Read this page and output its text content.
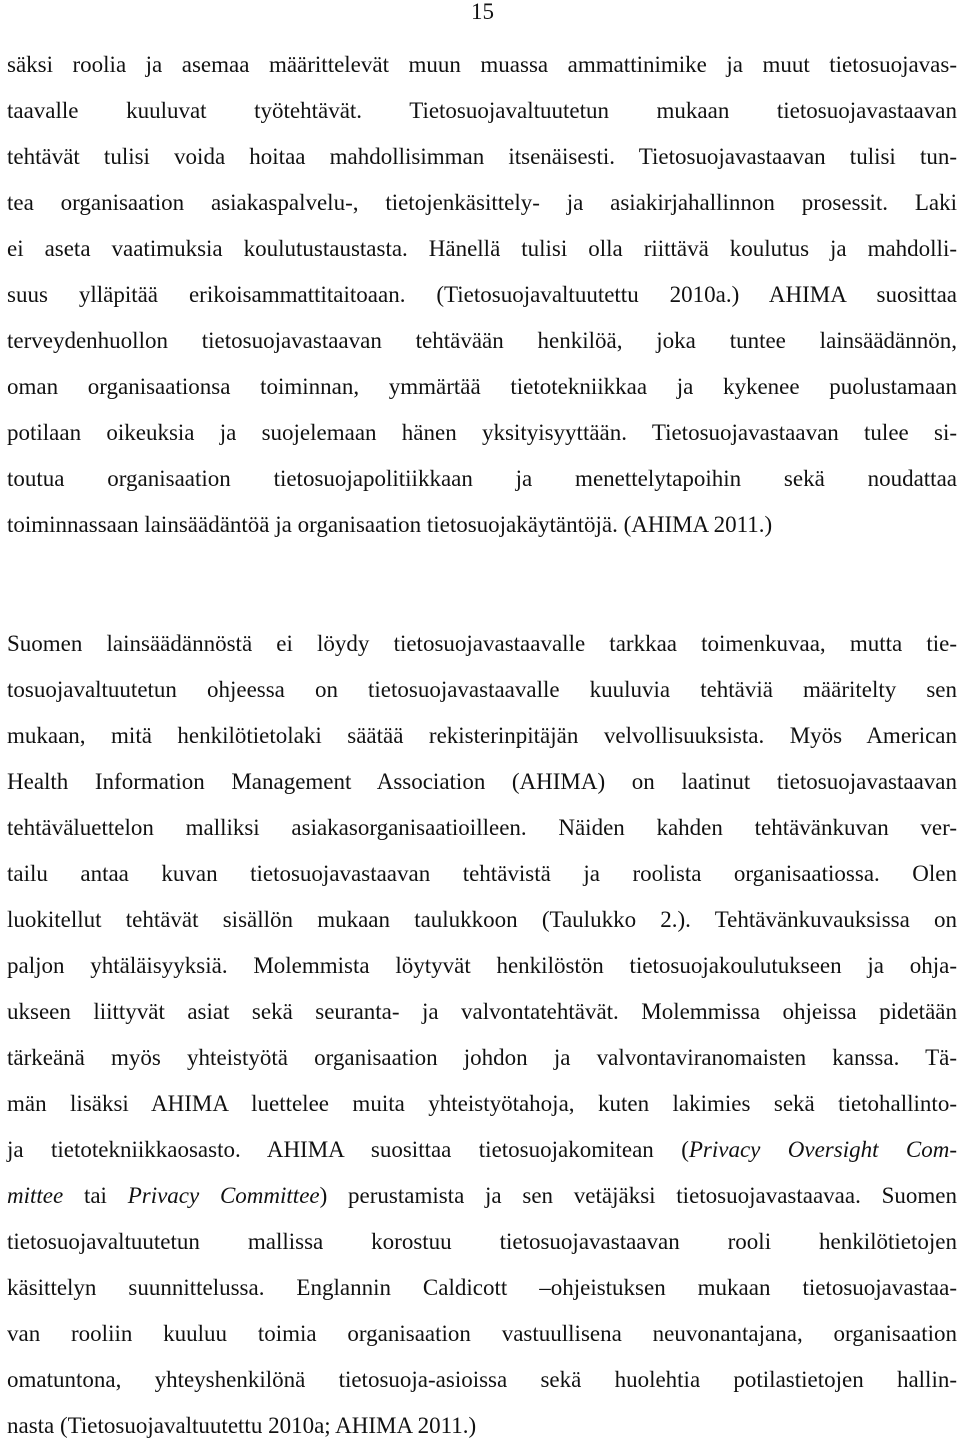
15
säksi roolia ja asemaa määrittelevät muun muassa ammattinimike ja muut tietosuojavas-
taavalle kuuluvat työtehtävät. Tietosuojavaltuutetun mukaan tietosuojavastaavan
tehtävät tulisi voida hoitaa mahdollisimman itsenäisesti. Tietosuojavastaavan tulisi tun-
tea organisaation asiakaspalvelu-, tietojenkäsittely- ja asiakirjahallinnon prosessit. Laki
ei aseta vaatimuksia koulutustaustasta. Hänellä tulisi olla riittävä koulutus ja mahdolli-
suus ylläpitää erikoisammattitaitoaan. (Tietosuojavaltuutettu 2010a.) AHIMA suosittaa
terveydenhuollon tietosuojavastaavan tehtävään henkilöä, joka tuntee lainsäädännön,
oman organisaationsa toiminnan, ymmärtää tietotekniikkaa ja kykenee puolustamaan
potilaan oikeuksia ja suojelemaan hänen yksityisyyttään. Tietosuojavastaavan tulee si-
toutua organisaation tietosuojapolitiikkaan ja menettelytapoihin sekä noudattaa
toiminnassaan lainsäädäntöä ja organisaation tietosuojakäytäntöjä. (AHIMA 2011.)
Suomen lainsäädännöstä ei löydy tietosuojavastaavalle tarkkaa toimenkuvaa, mutta tie-
tosuojavaltuutetun ohjeessa on tietosuojavastaavalle kuuluvia tehtäviä määritelty sen
mukaan, mitä henkilötietolaki säätää rekisterinpitäjän velvollisuuksista. Myös American
Health Information Management Association (AHIMA) on laatinut tietosuojavastaavan
tehtäväluettelon malliksi asiakasorganisaatioilleen. Näiden kahden tehtävänkuvan ver-
tailu antaa kuvan tietosuojavastaavan tehtävistä ja roolista organisaatiossa. Olen
luokitellut tehtävät sisällön mukaan taulukkoon (Taulukko 2.). Tehtävänkuvauksissa on
paljon yhtäläisyyksiä. Molemmista löytyvät henkilöstön tietosuojakoulutukseen ja ohja-
ukseen liittyvät asiat sekä seuranta- ja valvontatehtävät. Molemmissa ohjeissa pidetään
tärkeänä myös yhteistyötä organisaation johdon ja valvontaviranomaisten kanssa. Tä-
män lisäksi AHIMA luettelee muita yhteistyötahoja, kuten lakimies sekä tietohallinto-
ja tietotekniikkaosasto. AHIMA suosittaa tietosuojakomitean (Privacy Oversight Com-
mittee tai Privacy Committee) perustamista ja sen vetäjäksi tietosuojavastaavaa. Suomen
tietosuojavaltuutetun mallissa korostuu tietosuojavastaavan rooli henkilötietojen
käsittelyn suunnittelussa. Englannin Caldicott –ohjeistuksen mukaan tietosuojavastaa-
van rooliin kuuluu toimia organisaation vastuullisena neuvonantajana, organisaation
omatuntona, yhteyshenkilönä tietosuoja-asioissa sekä huolehtia potilastietojen hallin-
nasta (Tietosuojavaltuutettu 2010a; AHIMA 2011.)
